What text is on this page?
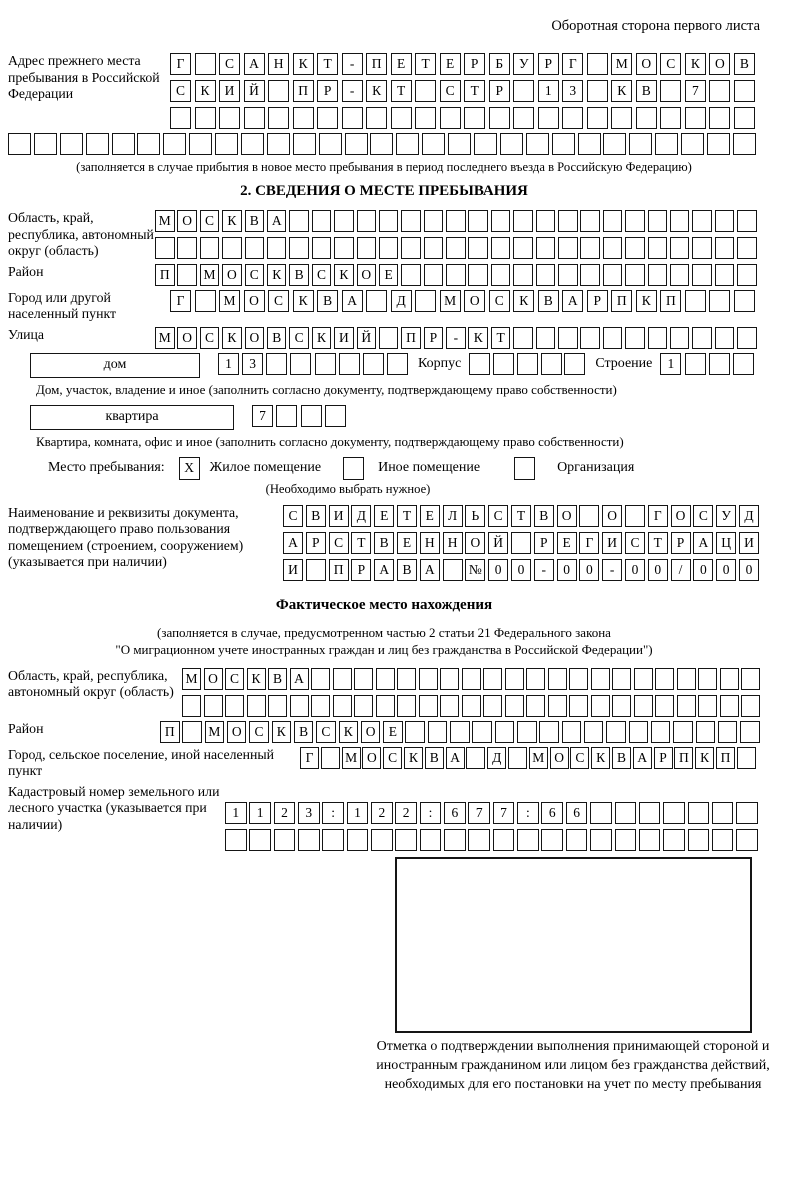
Оборотная сторона первого листа
Адрес прежнего места пребывания в Российской Федерации
Г	С	А	Н	К	Т	-	П	Е	Т	Е	Р	Б	У	Р	Г	М	О	С	К	О	В
С	К	И	Й	П	Р	-	К	Т	С	Т	Р	1	3	К	В	7
(заполняется в случае прибытия в новое место пребывания в период последнего въезда в Российскую Федерацию)
2. СВЕДЕНИЯ О МЕСТЕ ПРЕБЫВАНИЯ
Область, край, республика, автономный округ (область)
М О С К В А
Район	П	М О С К В С К О Е
Город или другой населенный пункт
Г	М	О	С	К	В	А	Д	М	О	С	К	В	А	Р	П	К	П
Улица	М О С К О В С К И Й	П	Р	-	К	Т
дом	1	3	Корпус	Строение	1
Дом, участок, владение и иное (заполнить согласно документу, подтверждающему право собственности)
квартира	7
Квартира, комната, офис и иное (заполнить согласно документу, подтверждающему право собственности)
Место пребывания:	X	Жилое помещение	Иное помещение	Организация
(Необходимо выбрать нужное)
Наименование и реквизиты документа, подтверждающего право пользования помещением (строением, сооружением) (указывается при наличии)
С	В И Д	Е	Т	Е	Л	Ь	С	Т	В О	О	Г	О С	У Д
А	Р	С	Т	В	Е	Н Н О Й	Р	Е	Г	И С	Т	Р	А Ц И
И	П	Р	А В А	№ 0	0	-	0	0	-	0	0	/	0	0	0
Фактическое место нахождения
(заполняется в случае, предусмотренном частью 2 статьи 21 Федерального закона
"О миграционном учете иностранных граждан и лиц без гражданства в Российской Федерации")
Область, край, республика, автономный округ (область)
М О С К В А
Район	П	М О С К В С К О Е
Город, сельское поселение, иной населенный пункт
Г	М О С К В А	Д	М О С К В А Р П К П
Кадастровый номер земельного или лесного участка (указывается при наличии)
1	1	2	3	:	1	2	2	:	6	7	7	:	6	6
Отметка о подтверждении выполнения принимающей стороной и иностранным гражданином или лицом без гражданства действий, необходимых для его постановки на учет по месту пребывания
